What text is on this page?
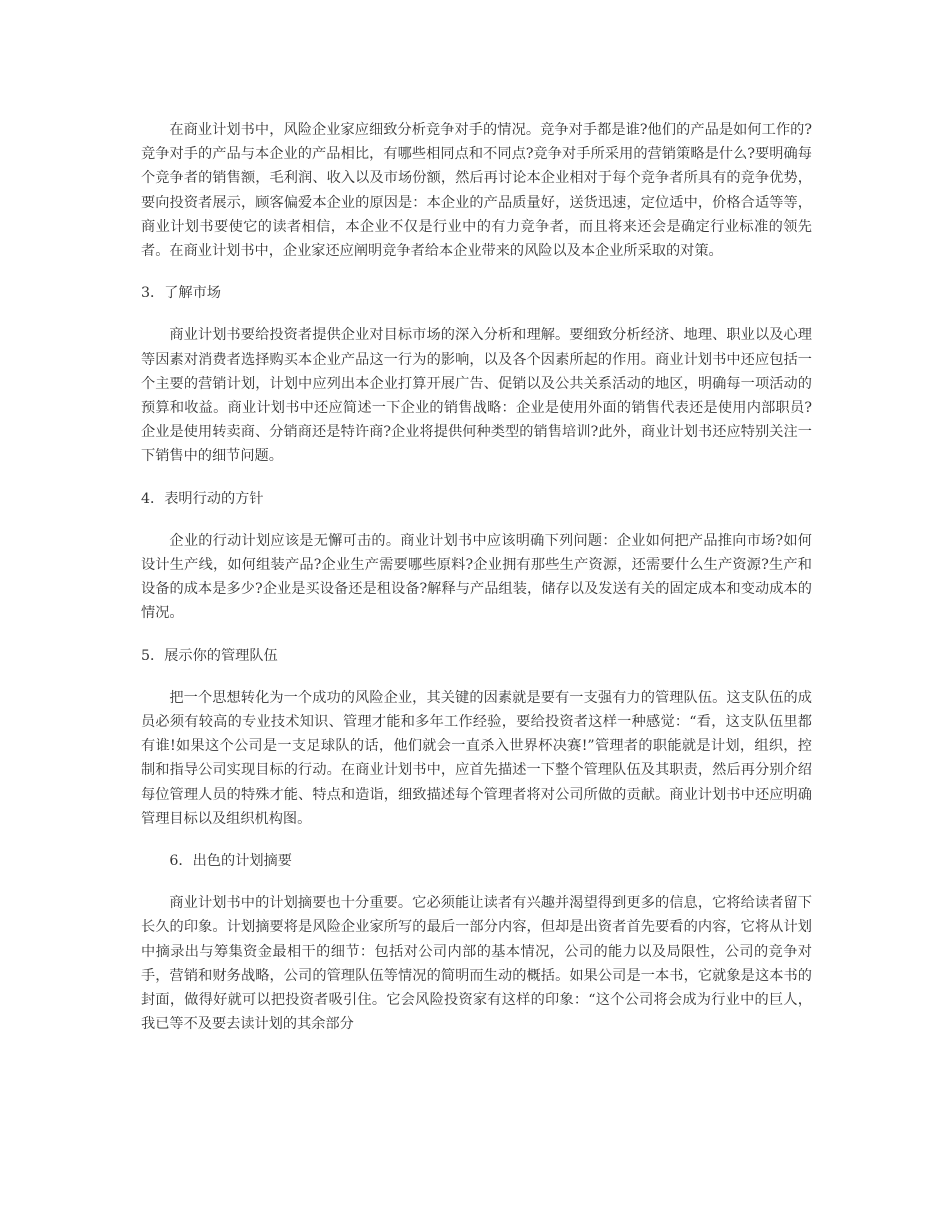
在商业计划书中，风险企业家应细致分析竞争对手的情况。竞争对手都是谁?他们的产品是如何工作的?竞争对手的产品与本企业的产品相比，有哪些相同点和不同点?竞争对手所采用的营销策略是什么?要明确每个竞争者的销售额，毛利润、收入以及市场份额，然后再讨论本企业相对于每个竞争者所具有的竞争优势，要向投资者展示，顾客偏爱本企业的原因是：本企业的产品质量好，送货迅速，定位适中，价格合适等等，商业计划书要使它的读者相信，本企业不仅是行业中的有力竞争者，而且将来还会是确定行业标准的领先者。在商业计划书中，企业家还应阐明竞争者给本企业带来的风险以及本企业所采取的对策。

3．了解市场

商业计划书要给投资者提供企业对目标市场的深入分析和理解。要细致分析经济、地理、职业以及心理等因素对消费者选择购买本企业产品这一行为的影响，以及各个因素所起的作用。商业计划书中还应包括一个主要的营销计划，计划中应列出本企业打算开展广告、促销以及公共关系活动的地区，明确每一项活动的预算和收益。商业计划书中还应简述一下企业的销售战略：企业是使用外面的销售代表还是使用内部职员?企业是使用转卖商、分销商还是特许商?企业将提供何种类型的销售培训?此外，商业计划书还应特别关注一下销售中的细节问题。

4．表明行动的方针

企业的行动计划应该是无懈可击的。商业计划书中应该明确下列问题：企业如何把产品推向市场?如何设计生产线，如何组装产品?企业生产需要哪些原料?企业拥有那些生产资源，还需要什么生产资源?生产和设备的成本是多少?企业是买设备还是租设备?解释与产品组装，储存以及发送有关的固定成本和变动成本的情况。

5．展示你的管理队伍

把一个思想转化为一个成功的风险企业，其关键的因素就是要有一支强有力的管理队伍。这支队伍的成员必须有较高的专业技术知识、管理才能和多年工作经验，要给投资者这样一种感觉：“看，这支队伍里都有谁!如果这个公司是一支足球队的话，他们就会一直杀入世界杯决赛!”管理者的职能就是计划，组织，控制和指导公司实现目标的行动。在商业计划书中，应首先描述一下整个管理队伍及其职责，然后再分别介绍每位管理人员的特殊才能、特点和造诣，细致描述每个管理者将对公司所做的贡献。商业计划书中还应明确管理目标以及组织机构图。

6．出色的计划摘要

商业计划书中的计划摘要也十分重要。它必须能让读者有兴趣并渴望得到更多的信息，它将给读者留下长久的印象。计划摘要将是风险企业家所写的最后一部分内容，但却是出资者首先要看的内容，它将从计划中摘录出与筹集资金最相干的细节：包括对公司内部的基本情况，公司的能力以及局限性，公司的竞争对手，营销和财务战略，公司的管理队伍等情况的简明而生动的概括。如果公司是一本书，它就象是这本书的封面，做得好就可以把投资者吸引住。它会风险投资家有这样的印象：“这个公司将会成为行业中的巨人，我已等不及要去读计划的其余部分
